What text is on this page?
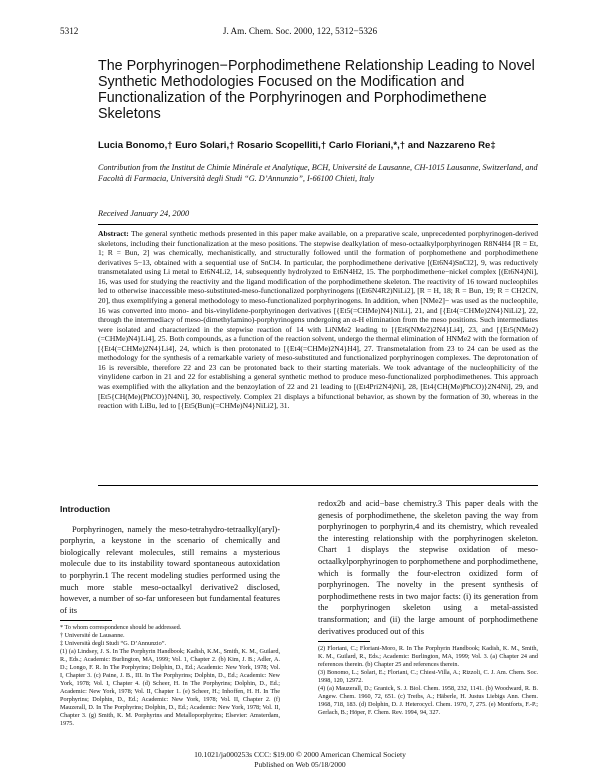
5312	J. Am. Chem. Soc. 2000, 122, 5312−5326
The Porphyrinogen−Porphodimethene Relationship Leading to Novel Synthetic Methodologies Focused on the Modification and Functionalization of the Porphyrinogen and Porphodimethene Skeletons
Lucia Bonomo,† Euro Solari,† Rosario Scopelliti,† Carlo Floriani,*,† and Nazzareno Re‡
Contribution from the Institut de Chimie Minérale et Analytique, BCH, Université de Lausanne, CH-1015 Lausanne, Switzerland, and Facoltà di Farmacia, Università degli Studi “G. D’Annunzio”, I-66100 Chieti, Italy
Received January 24, 2000

Abstract: The general synthetic methods presented in this paper make available, on a preparative scale, unprecedented porphyrinogen-derived skeletons, including their functionalization at the meso positions. The stepwise dealkylation of meso-octaalkylporphyrinogen R8N4H4 [R = Et, 1; R = Bun, 2] was chemically, mechanistically, and structurally followed until the formation of porphomethene and porphodimethene derivatives 5−13, obtained with a sequential use of SnCl4. In particular, the porphodimethene derivative [(Et6N4)SnCl2], 9, was reductively transmetalated using Li metal to Et6N4Li2, 14, subsequently hydrolyzed to Et6N4H2, 15. The porphodimethene−nickel complex [(Et6N4)Ni], 16, was used for studying the reactivity and the ligand modification of the porphodimethene skeleton. The reactivity of 16 toward nucleophiles led to otherwise inaccessible meso-substituted-meso-functionalized porphyrinogens [(Et6N4R2)NiLi2], [R = H, 18; R = Bun, 19; R = CH2CN, 20], thus exemplifying a general methodology to meso-functionalized porphyrinogens. In addition, when [NMe2]− was used as the nucleophile, 16 was converted into mono- and bis-vinylidene-porphyrinogen derivatives [{Et5(=CHMe)N4}NiLi], 21, and [{Et4(=CHMe)2N4}NiLi2], 22, through the intermediacy of meso-(dimethylamino)-porphyrinogens undergoing an α-H elimination from the meso positions. Such intermediates were isolated and characterized in the stepwise reaction of 14 with LiNMe2 leading to [{Et6(NMe2)2N4}Li4], 23, and [{Et5(NMe2)(=CHMe)N4}Li4], 25. Both compounds, as a function of the reaction solvent, undergo the thermal elimination of HNMe2 with the formation of [{Et4(=CHMe)2N4}Li4], 24, which is then protonated to [{Et4(=CHMe)2N4}H4], 27. Transmetalation from 23 to 24 can be used as the methodology for the synthesis of a remarkable variety of meso-substituted and functionalized porphyrinogen complexes. The deprotonation of 16 is reversible, therefore 22 and 23 can be protonated back to their starting materials. We took advantage of the nucleophilicity of the vinylidene carbon in 21 and 22 for establishing a general synthetic method to produce meso-functionalized porphodimethenes. This approach was exemplified with the alkylation and the benzoylation of 22 and 21 leading to [(Et4Pri2N4)Ni], 28, [Et4{CH(Me)PhCO)}2N4Ni], 29, and [Et5{CH(Me)(PhCO)}N4Ni], 30, respectively. Complex 21 displays a bifunctional behavior, as shown by the formation of 30, whereas in the reaction with LiBu, led to [{Et5(Bun)(=CHMe)N4}NiLi2], 31.

Introduction

Porphyrinogen, namely the meso-tetrahydro-tetraalkyl(aryl)-porphyrin, a keystone in the scenario of chemically and biologically relevant molecules, still remains a mysterious molecule due to its instability toward spontaneous autoxidation to porphyrin.1 The recent modeling studies performed using the much more stable meso-octaalkyl derivative2 disclosed, however, a number of so-far unforeseen but fundamental features of its

* To whom correspondence should be addressed.

† Université de Lausanne.

‡ Università degli Studi “G. D’Annunzio”.

(1) (a) Lindsey, J. S. In The Porphyrin Handbook; Kadish, K.M., Smith, K. M., Guilard, R., Eds.; Academic: Burlington, MA, 1999; Vol. 1, Chapter 2. (b) Kim, J. B.; Adler, A. D.; Longo, F. R. In The Porphyrins; Dolphin, D., Ed.; Academic: New York, 1978; Vol. I, Chapter 3. (c) Paine, J. B., III. In The Porphyrins; Dolphin, D., Ed.; Academic: New York, 1978; Vol. I, Chapter 4. (d) Scheer, H. In The Porphyrins; Dolphin, D., Ed.; Academic: New York, 1978; Vol. II, Chapter 1. (e) Scheer, H.; Inhoffen, H. H. In The Porphyrins; Dolphin, D., Ed.; Academic: New York, 1978; Vol. II, Chapter 2. (f) Mauzerall, D. In The Porphyrins; Dolphin, D., Ed.; Academic: New York, 1978; Vol. II, Chapter 3. (g) Smith, K. M. Porphyrins and Metalloporphyrins; Elsevier: Amsterdam, 1975.

redox2b and acid−base chemistry.3 This paper deals with the genesis of porphodimethene, the skeleton paving the way from porphyrinogen to porphyrin,4 and its chemistry, which revealed the interesting relationship with the porphyrinogen skeleton. Chart 1 displays the stepwise oxidation of meso-octaalkylporphyrinogen to porphomethene and porphodimethene, which is formally the four-electron oxidized form of porphyrinogen. The novelty in the present synthesis of porphodimethene rests in two major facts: (i) its generation from the porphyrinogen skeleton using a metal-assisted transformation; and (ii) the large amount of porphodimethene derivatives produced out of this

(2) Floriani, C.; Floriani-Moro, R. In The Porphyrin Handbook; Kadish, K. M., Smith, K. M., Guilard, R., Eds.; Academic: Burlington, MA, 1999; Vol. 3. (a) Chapter 24 and references therein. (b) Chapter 25 and references therein.

(3) Bonomo, L.; Solari, E.; Floriani, C.; Chiesi-Villa, A.; Rizzoli, C. J. Am. Chem. Soc. 1998, 120, 12972.

(4) (a) Mauzerall, D.; Granick, S. J. Biol. Chem. 1958, 232, 1141. (b) Woodward, R. B. Angew. Chem. 1960, 72, 651. (c) Treibs, A.; Häberle, H. Justus Liebigs Ann. Chem. 1968, 718, 183. (d) Dolphin, D. J. Heterocycl. Chem. 1970, 7, 275. (e) Montforts, F.-P.; Gerlach, B.; Höper, F. Chem. Rev. 1994, 94, 327.

10.1021/ja000253s CCC: $19.00 © 2000 American Chemical Society
Published on Web 05/18/2000
